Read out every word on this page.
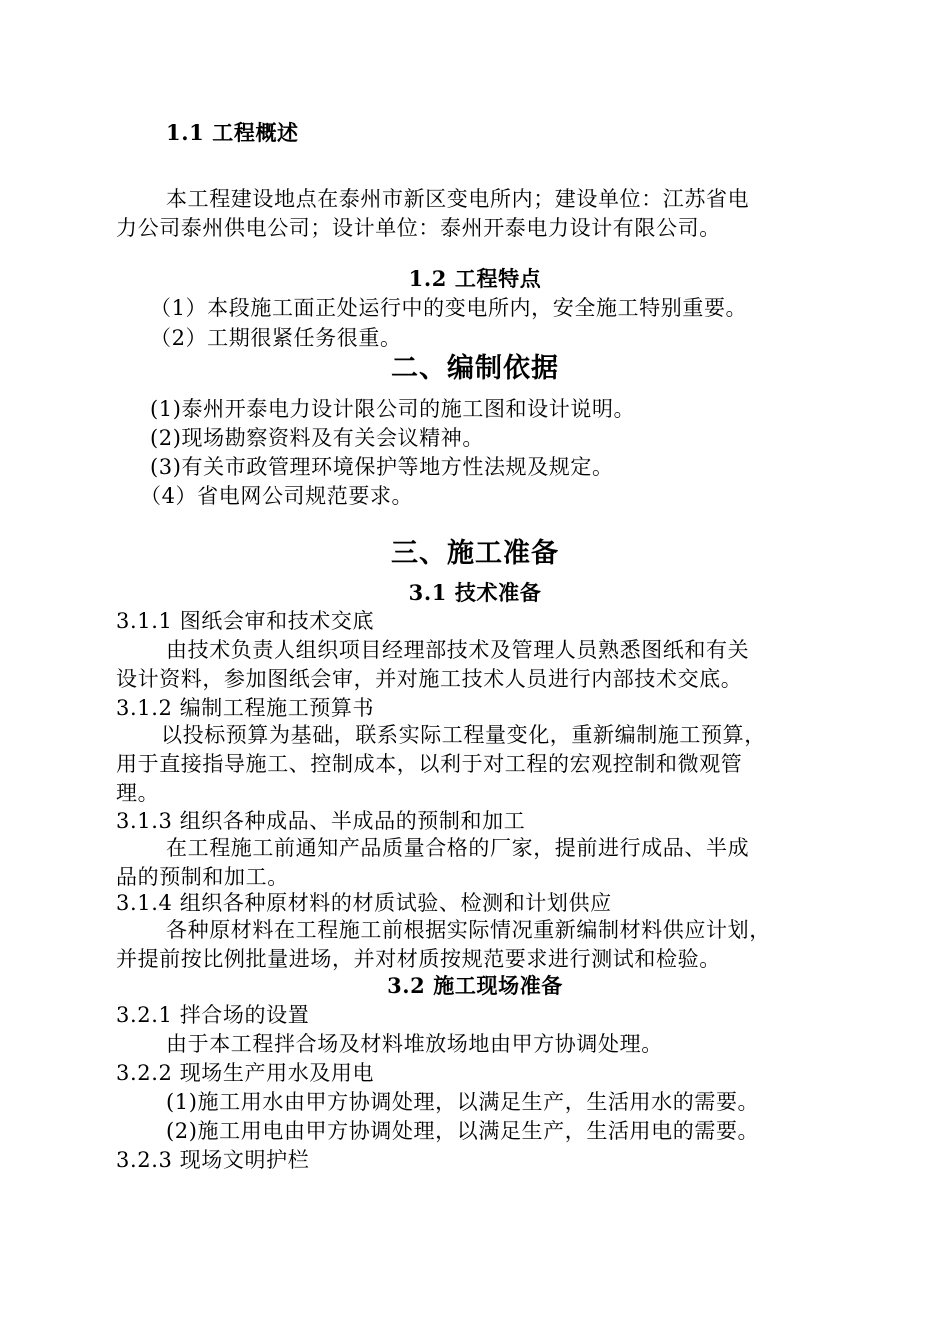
1.1 工程概述
本工程建设地点在泰州市新区变电所内；建设单位：江苏省电
力公司泰州供电公司；设计单位：泰州开泰电力设计有限公司。
1.2 工程特点
（1）本段施工面正处运行中的变电所内，安全施工特别重要。
（2）工期很紧任务很重。
二、编制依据
(1)泰州开泰电力设计限公司的施工图和设计说明。
(2)现场勘察资料及有关会议精神。
(3)有关市政管理环境保护等地方性法规及规定。
（4）省电网公司规范要求。
三、施工准备
3.1 技术准备
3.1.1 图纸会审和技术交底
由技术负责人组织项目经理部技术及管理人员熟悉图纸和有关
设计资料，参加图纸会审，并对施工技术人员进行内部技术交底。
3.1.2 编制工程施工预算书
以投标预算为基础，联系实际工程量变化，重新编制施工预算，
用于直接指导施工、控制成本，以利于对工程的宏观控制和微观管
理。
3.1.3 组织各种成品、半成品的预制和加工
在工程施工前通知产品质量合格的厂家，提前进行成品、半成
品的预制和加工。
3.1.4 组织各种原材料的材质试验、检测和计划供应
各种原材料在工程施工前根据实际情况重新编制材料供应计划，
并提前按比例批量进场，并对材质按规范要求进行测试和检验。
3.2 施工现场准备
3.2.1 拌合场的设置
由于本工程拌合场及材料堆放场地由甲方协调处理。
3.2.2 现场生产用水及用电
(1)施工用水由甲方协调处理，以满足生产，生活用水的需要。
(2)施工用电由甲方协调处理，以满足生产，生活用电的需要。
3.2.3 现场文明护栏
